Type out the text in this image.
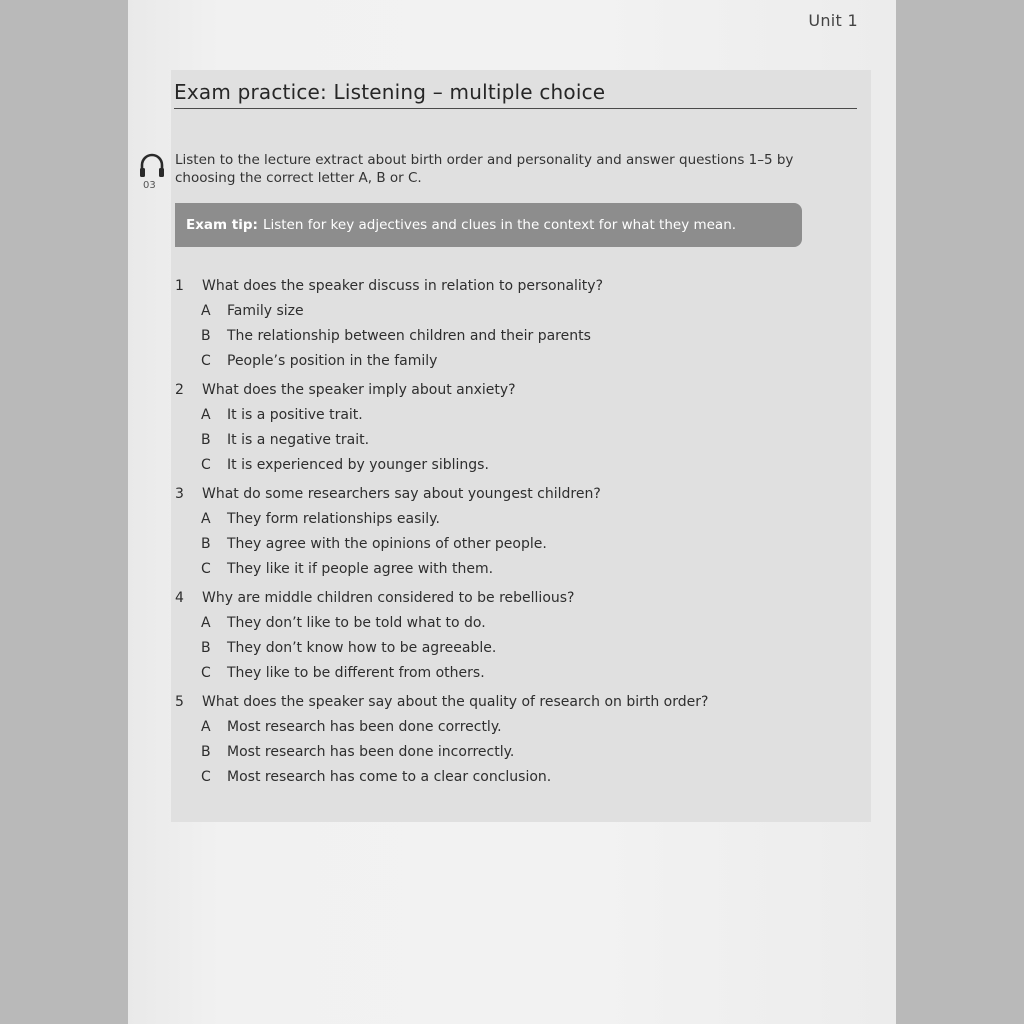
Unit 1
Exam practice: Listening – multiple choice
03
Listen to the lecture extract about birth order and personality and answer questions 1–5 by choosing the correct letter A, B or C.
Exam tip: Listen for key adjectives and clues in the context for what they mean.
1	What does the speaker discuss in relation to personality?
A	Family size
B	The relationship between children and their parents
C	People’s position in the family
2	What does the speaker imply about anxiety?
A	It is a positive trait.
B	It is a negative trait.
C	It is experienced by younger siblings.
3	What do some researchers say about youngest children?
A	They form relationships easily.
B	They agree with the opinions of other people.
C	They like it if people agree with them.
4	Why are middle children considered to be rebellious?
A	They don’t like to be told what to do.
B	They don’t know how to be agreeable.
C	They like to be different from others.
5	What does the speaker say about the quality of research on birth order?
A	Most research has been done correctly.
B	Most research has been done incorrectly.
C	Most research has come to a clear conclusion.
